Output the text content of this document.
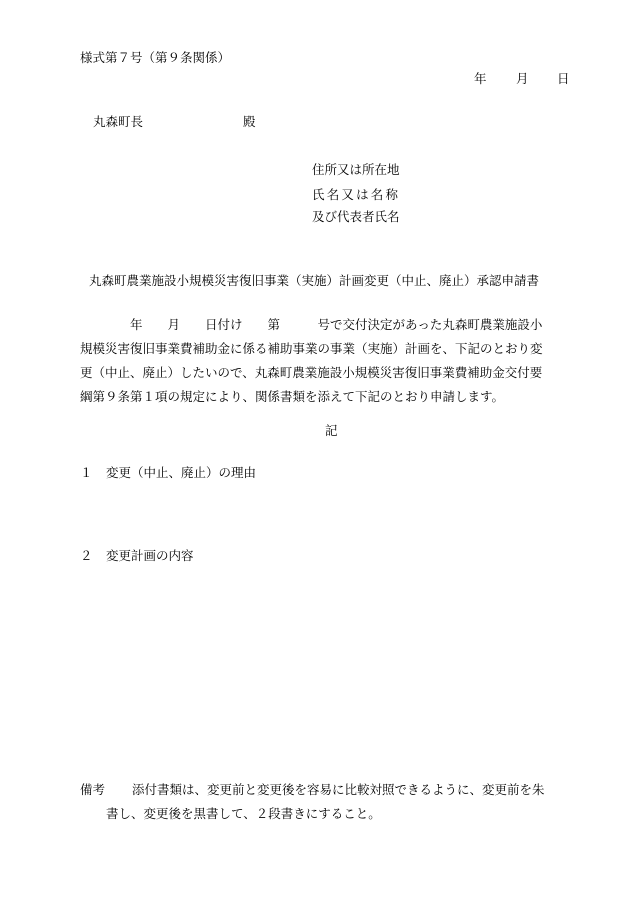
様式第７号（第９条関係）
年 月 日
丸森町長	殿
住所又は所在地
氏名又は名称
及び代表者氏名
丸森町農業施設小規模災害復旧事業（実施）計画変更（中止、廃止）承認申請書
　　　　年　　月　　日付け　　第　　　号で交付決定があった丸森町農業施設小
規模災害復旧事業費補助金に係る補助事業の事業（実施）計画を、下記のとおり変
更（中止、廃止）したいので、丸森町農業施設小規模災害復旧事業費補助金交付要
綱第９条第１項の規定により、関係書類を添えて下記のとおり申請します。
記
１ 変更（中止、廃止）の理由
２ 変更計画の内容
備考 添付書類は、変更前と変更後を容易に比較対照できるように、変更前を朱
書し、変更後を黒書して、２段書きにすること。
